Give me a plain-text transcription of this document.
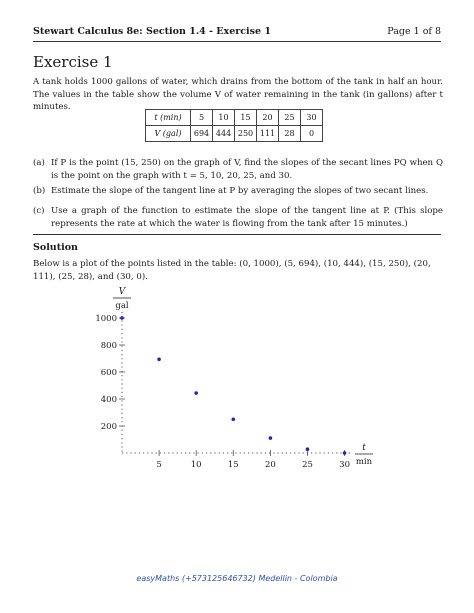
Stewart Calculus 8e: Section 1.4 - Exercise 1	Page 1 of 8
Exercise 1
A tank holds 1000 gallons of water, which drains from the bottom of the tank in half an hour. The values in the table show the volume V of water remaining in the tank (in gallons) after t minutes.
t (min)	5	10	15	20	25	30
V (gal)	694	444	250	111	28	0
(a) If P is the point (15, 250) on the graph of V, find the slopes of the secant lines PQ when Q is the point on the graph with t = 5, 10, 20, 25, and 30.
(b) Estimate the slope of the tangent line at P by averaging the slopes of two secant lines.
(c) Use a graph of the function to estimate the slope of the tangent line at P. (This slope represents the rate at which the water is flowing from the tank after 15 minutes.)
Solution
Below is a plot of the points listed in the table: (0, 1000), (5, 694), (10, 444), (15, 250), (20, 111), (25, 28), and (30, 0).
200
400
600
800
1000
5	10	15	20	25	30
V
gal
t
min
easyMaths (+573125646732) Medellin - Colombia
